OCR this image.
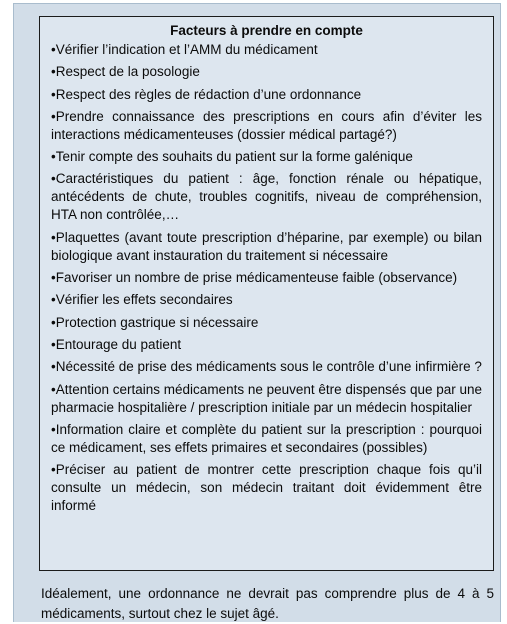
Facteurs à prendre en compte
•Vérifier l’indication et l’AMM du médicament
•Respect de la posologie
•Respect des règles de rédaction d’une ordonnance
•Prendre connaissance des prescriptions en cours afin d’éviter les interactions médicamenteuses (dossier médical partagé?)
•Tenir compte des souhaits du patient sur la forme galénique
•Caractéristiques du patient : âge, fonction rénale ou hépatique, antécédents de chute, troubles cognitifs, niveau de compréhension, HTA non contrôlée,…
•Plaquettes (avant toute prescription d’héparine, par exemple) ou bilan biologique avant instauration du traitement si nécessaire
•Favoriser un nombre de prise médicamenteuse faible (observance)
•Vérifier les effets secondaires
•Protection gastrique si nécessaire
•Entourage du patient
•Nécessité de prise des médicaments sous le contrôle d’une infirmière ?
•Attention certains médicaments ne peuvent être dispensés que par une pharmacie hospitalière / prescription initiale par un médecin hospitalier
•Information claire et complète du patient sur la prescription : pourquoi ce médicament, ses effets primaires et secondaires (possibles)
•Préciser au patient de montrer cette prescription chaque fois qu’il consulte un médecin, son médecin traitant doit évidemment être informé
Idéalement, une ordonnance ne devrait pas comprendre plus de 4 à 5 médicaments, surtout chez le sujet âgé.
